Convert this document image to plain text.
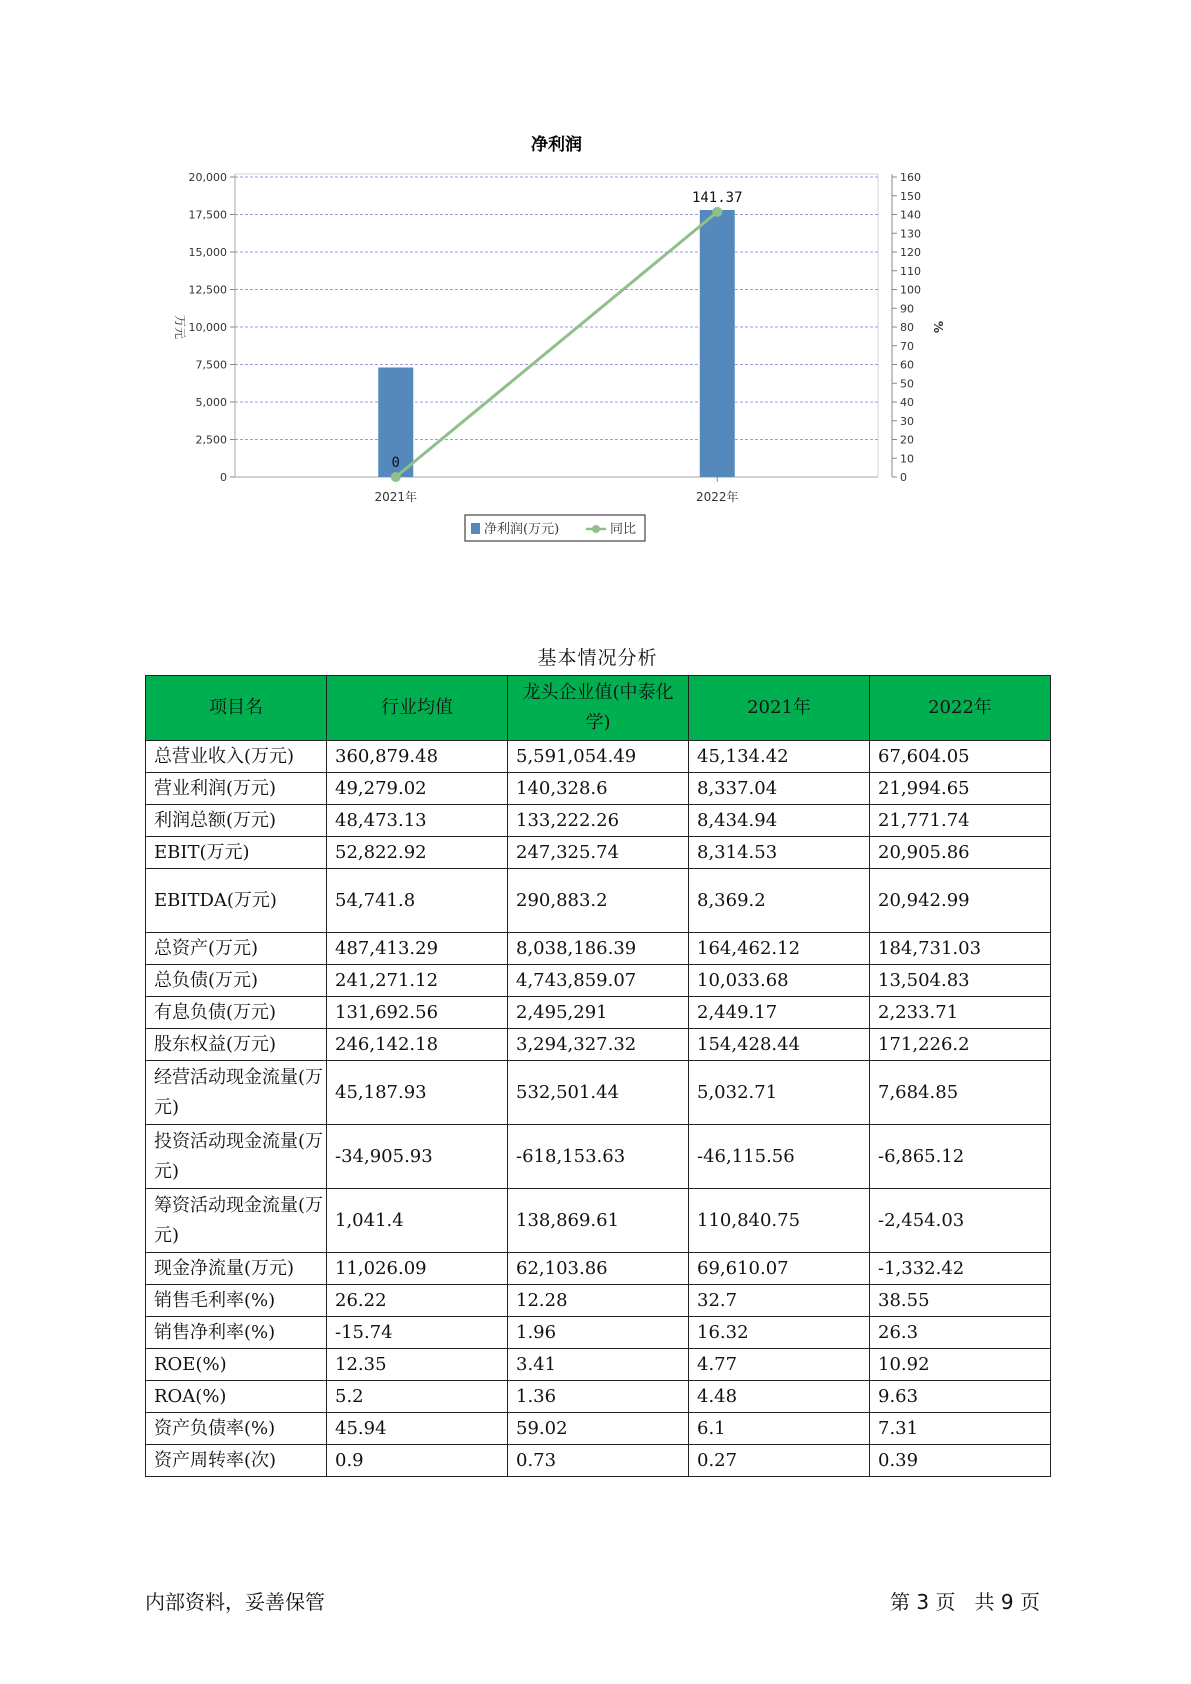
净利润
0
2,500
5,000
7,500
10,000
12,500
15,000
17,500
20,000
0
10
20
30
40
50
60
70
80
90
100
110
120
130
140
150
160
万元	%
2021年	2022年
0
141.37
净利润(万元)	同比
基本情况分析
项目名	行业均值	龙头企业值(中泰化学)	2021年	2022年
总营业收入(万元)	360,879.48	5,591,054.49	45,134.42	67,604.05
营业利润(万元)	49,279.02	140,328.6	8,337.04	21,994.65
利润总额(万元)	48,473.13	133,222.26	8,434.94	21,771.74
EBIT(万元)	52,822.92	247,325.74	8,314.53	20,905.86
EBITDA(万元)	54,741.8	290,883.2	8,369.2	20,942.99
总资产(万元)	487,413.29	8,038,186.39	164,462.12	184,731.03
总负债(万元)	241,271.12	4,743,859.07	10,033.68	13,504.83
有息负债(万元)	131,692.56	2,495,291	2,449.17	2,233.71
股东权益(万元)	246,142.18	3,294,327.32	154,428.44	171,226.2
经营活动现金流量(万元)	45,187.93	532,501.44	5,032.71	7,684.85
投资活动现金流量(万元)	-34,905.93	-618,153.63	-46,115.56	-6,865.12
筹资活动现金流量(万元)	1,041.4	138,869.61	110,840.75	-2,454.03
现金净流量(万元)	11,026.09	62,103.86	69,610.07	-1,332.42
销售毛利率(%)	26.22	12.28	32.7	38.55
销售净利率(%)	-15.74	1.96	16.32	26.3
ROE(%)	12.35	3.41	4.77	10.92
ROA(%)	5.2	1.36	4.48	9.63
资产负债率(%)	45.94	59.02	6.1	7.31
资产周转率(次)	0.9	0.73	0.27	0.39
内部资料，妥善保管	第 3 页   共 9 页
